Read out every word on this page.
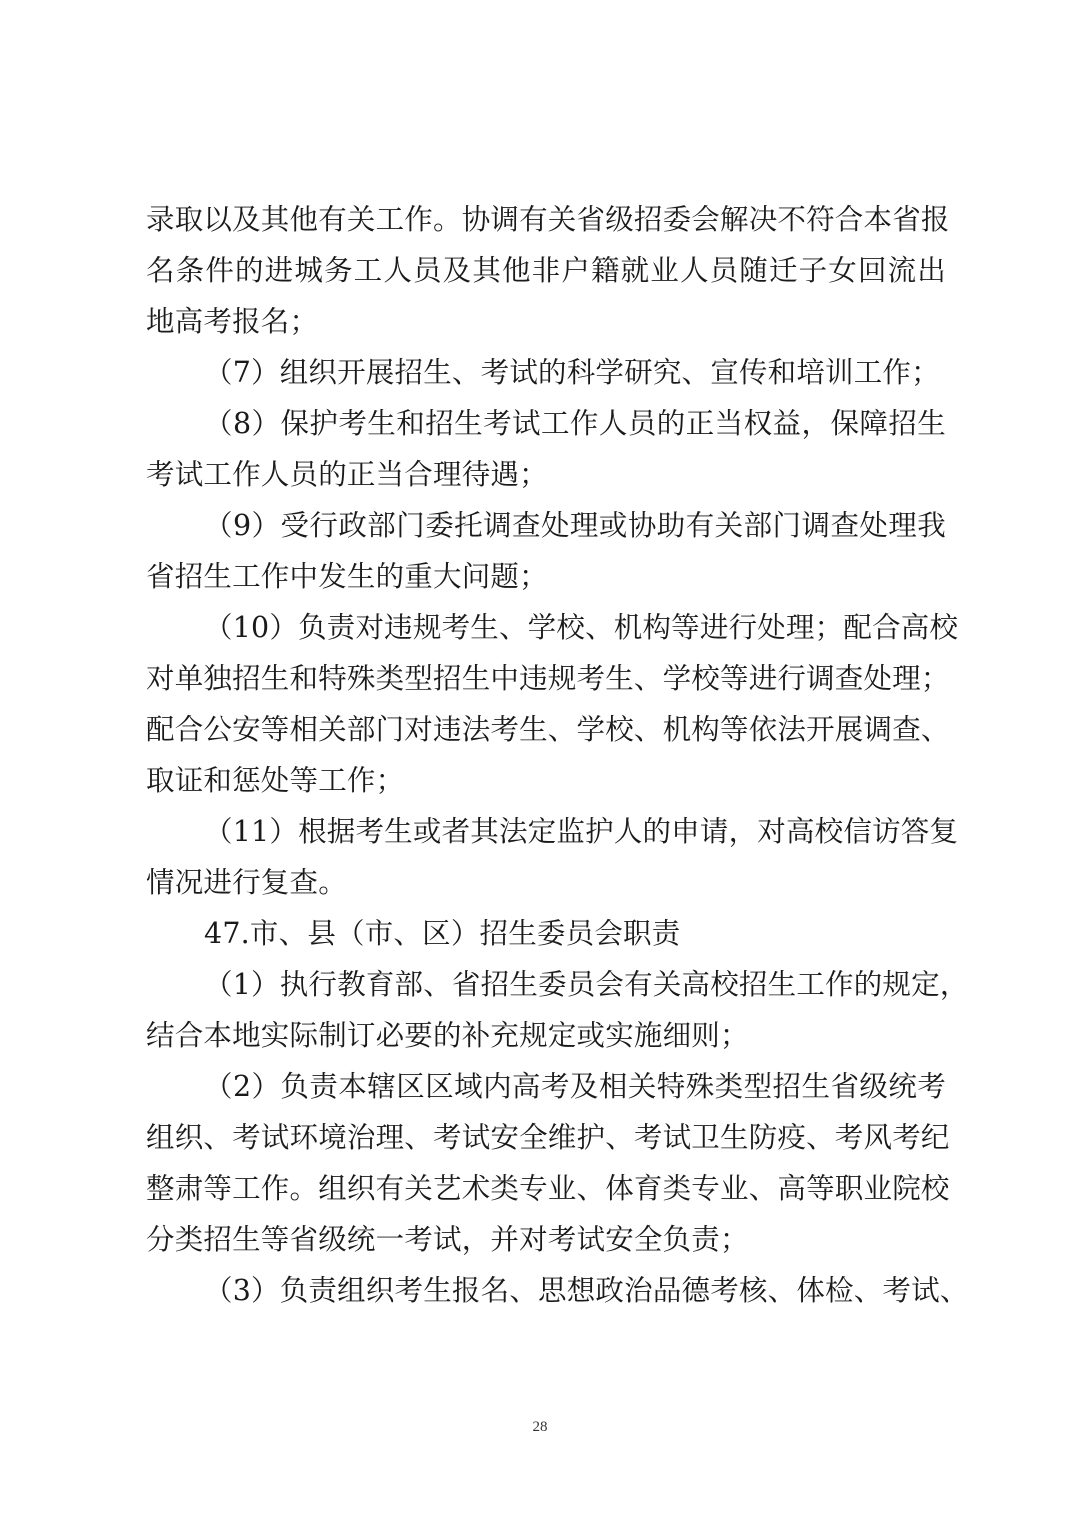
录取以及其他有关工作。协调有关省级招委会解决不符合本省报
名条件的进城务工人员及其他非户籍就业人员随迁子女回流出
地高考报名；
（7）组织开展招生、考试的科学研究、宣传和培训工作；
（8）保护考生和招生考试工作人员的正当权益，保障招生
考试工作人员的正当合理待遇；
（9）受行政部门委托调查处理或协助有关部门调查处理我
省招生工作中发生的重大问题；
（10）负责对违规考生、学校、机构等进行处理；配合高校
对单独招生和特殊类型招生中违规考生、学校等进行调查处理；
配合公安等相关部门对违法考生、学校、机构等依法开展调查、
取证和惩处等工作；
（11）根据考生或者其法定监护人的申请，对高校信访答复
情况进行复查。
47.市、县（市、区）招生委员会职责
（1）执行教育部、省招生委员会有关高校招生工作的规定，
结合本地实际制订必要的补充规定或实施细则；
（2）负责本辖区区域内高考及相关特殊类型招生省级统考
组织、考试环境治理、考试安全维护、考试卫生防疫、考风考纪
整肃等工作。组织有关艺术类专业、体育类专业、高等职业院校
分类招生等省级统一考试，并对考试安全负责；
（3）负责组织考生报名、思想政治品德考核、体检、考试、
28
